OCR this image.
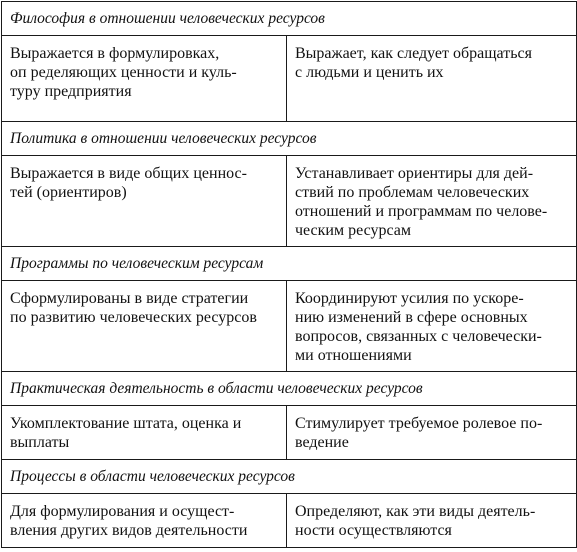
Философия в отношении человеческих ресурсов	

Выражается в формулировках,
оп ределяющих ценности и куль-
туру предприятия	Выражает, как следует обращаться
с людьми и ценить их

Политика в отношении человеческих ресурсов	

Выражается в виде общих ценнос-
тей (ориентиров)	Устанавливает ориентиры для дей-
ствий по проблемам человеческих
отношений и программам по челове-
ческим ресурсам

Программы по человеческим ресурсам	

Сформулированы в виде стратегии
по развитию человеческих ресурсов	Координируют усилия по ускоре-
нию изменений в сфере основных
вопросов, связанных с человечески-
ми отношениями

Практическая деятельность в области человеческих ресурсов	

Укомплектование штата, оценка и
выплаты	Стимулирует требуемое ролевое по-
ведение

Процессы в области человеческих ресурсов	

Для формулирования и осущест-
вления других видов деятельности	Определяют, как эти виды деятель-
ности осуществляются
